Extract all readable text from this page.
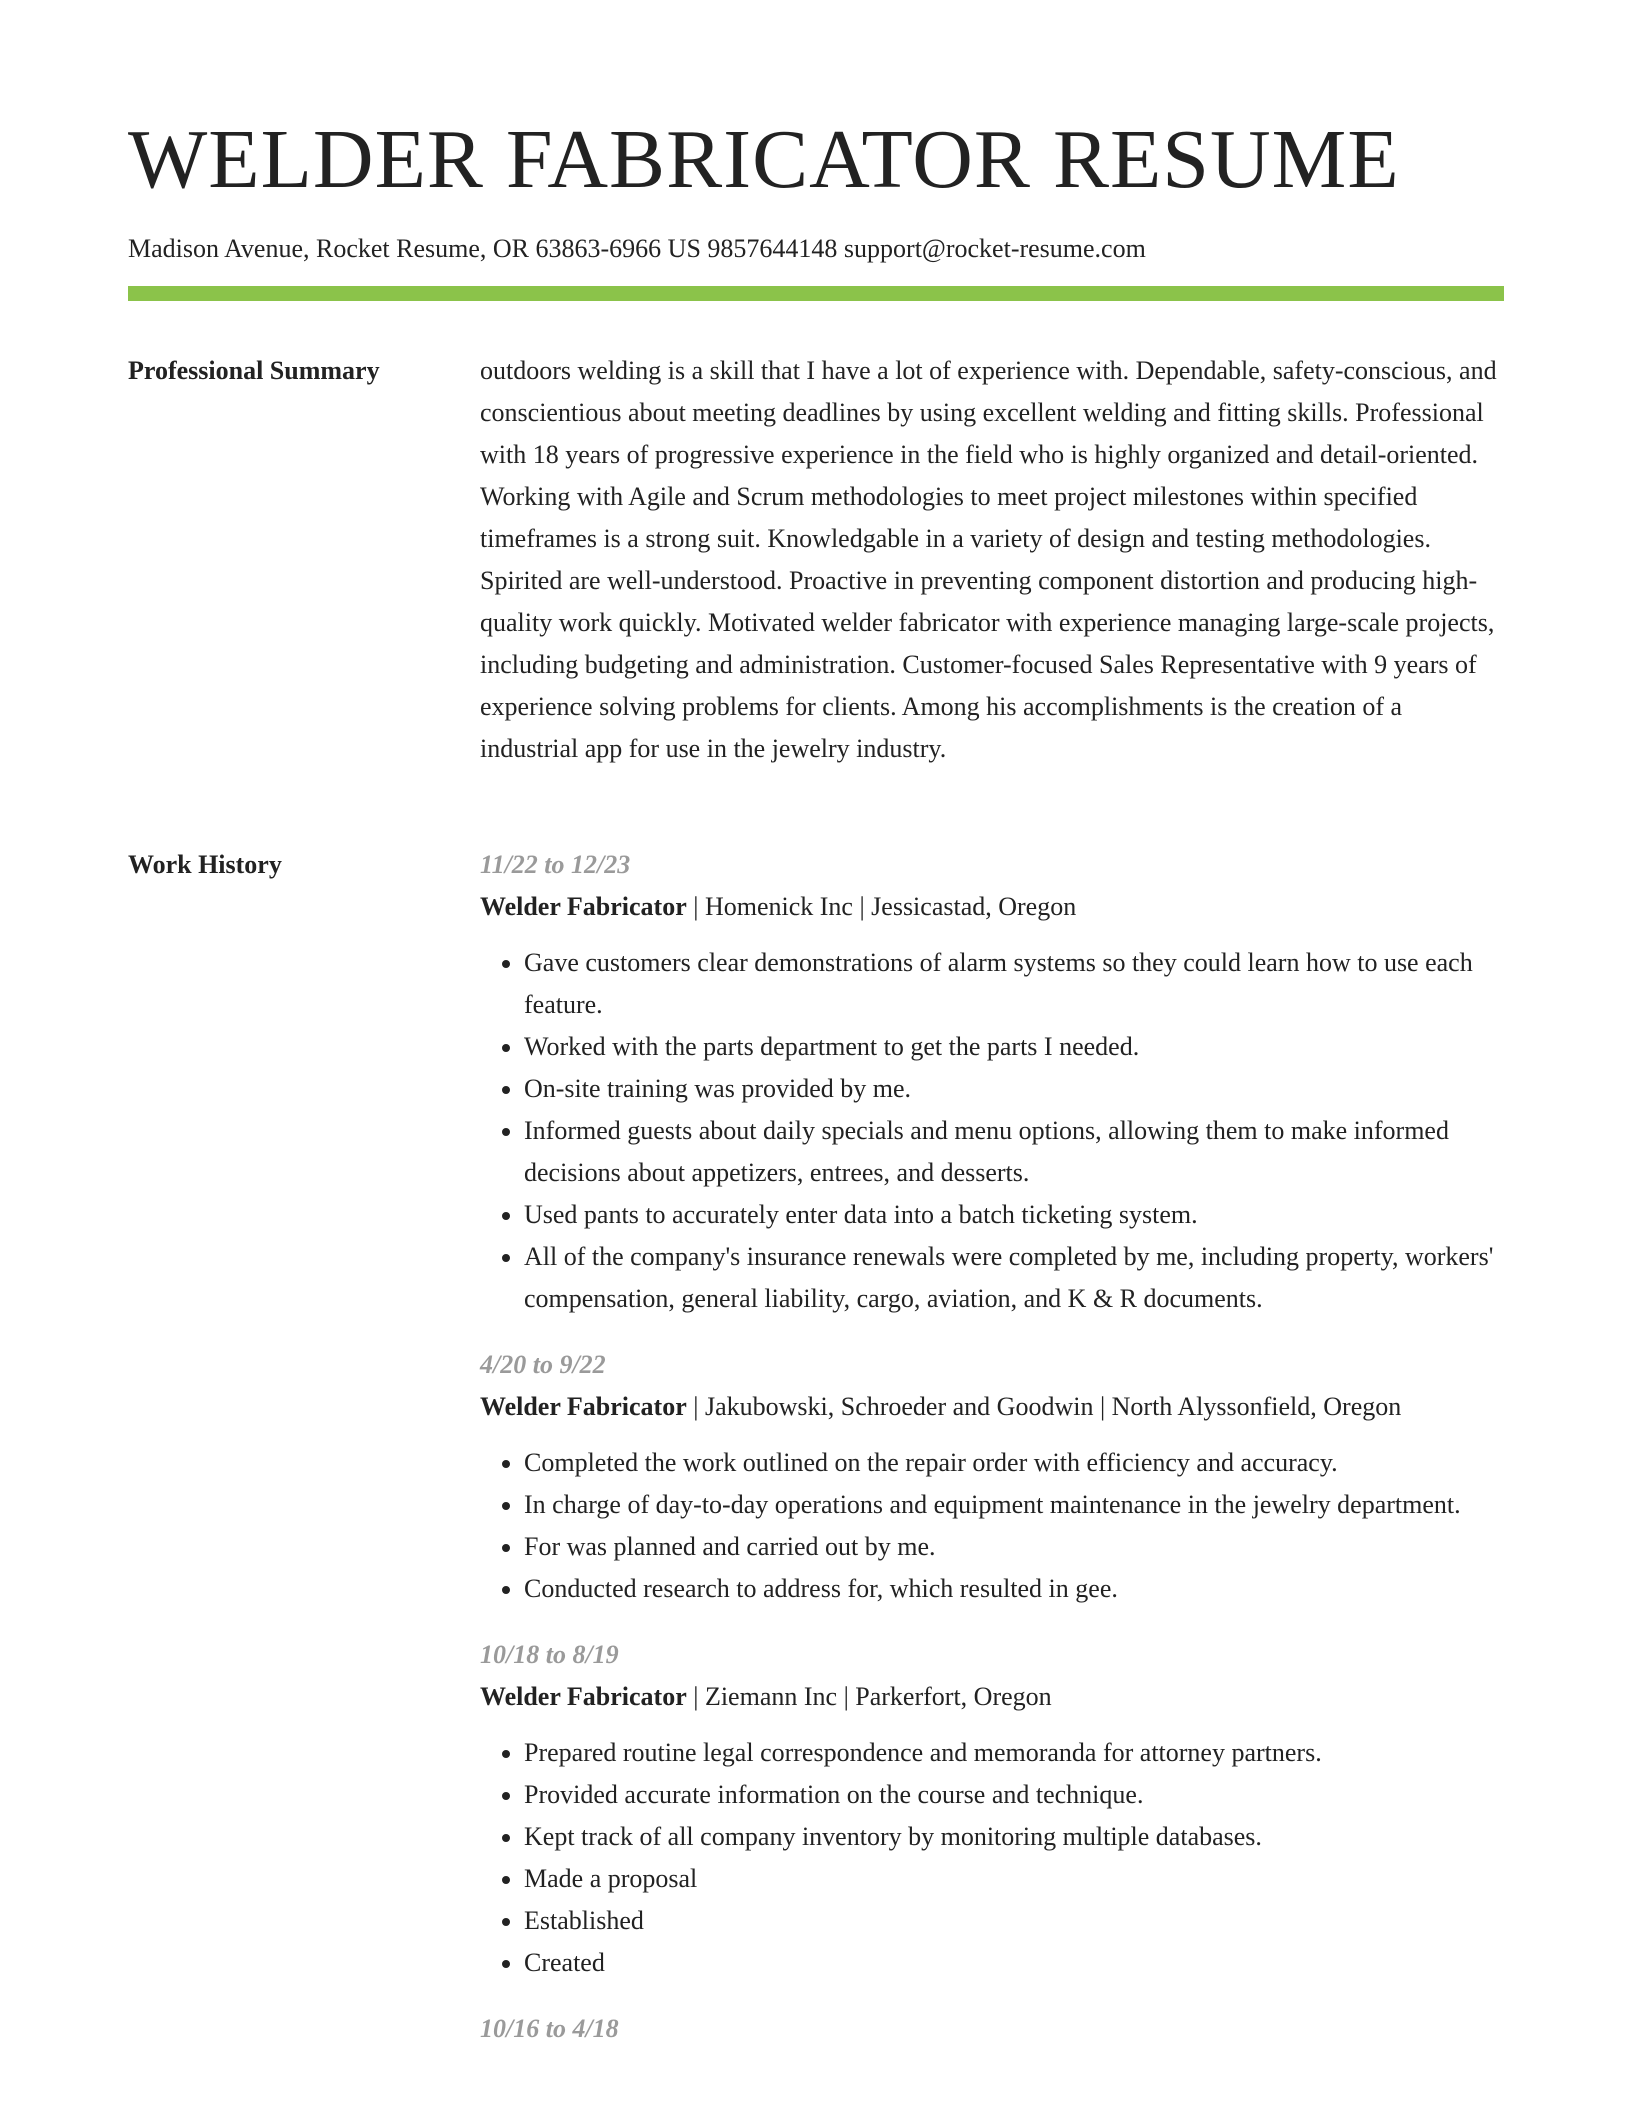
WELDER FABRICATOR RESUME
Madison Avenue, Rocket Resume, OR 63863-6966 US 9857644148 support@rocket-resume.com
Professional Summary	outdoors welding is a skill that I have a lot of experience with. Dependable, safety-conscious, and conscientious about meeting deadlines by using excellent welding and fitting skills. Professional with 18 years of progressive experience in the field who is highly organized and detail-oriented. Working with Agile and Scrum methodologies to meet project milestones within specified timeframes is a strong suit. Knowledgable in a variety of design and testing methodologies. Spirited are well-understood. Proactive in preventing component distortion and producing high-quality work quickly. Motivated welder fabricator with experience managing large-scale projects, including budgeting and administration. Customer-focused Sales Representative with 9 years of experience solving problems for clients. Among his accomplishments is the creation of a industrial app for use in the jewelry industry.

Work History	11/22 to 12/23
Welder Fabricator | Homenick Inc | Jessicastad, Oregon
• Gave customers clear demonstrations of alarm systems so they could learn how to use each feature.
• Worked with the parts department to get the parts I needed.
• On-site training was provided by me.
• Informed guests about daily specials and menu options, allowing them to make informed decisions about appetizers, entrees, and desserts.
• Used pants to accurately enter data into a batch ticketing system.
• All of the company's insurance renewals were completed by me, including property, workers' compensation, general liability, cargo, aviation, and K & R documents.
4/20 to 9/22
Welder Fabricator | Jakubowski, Schroeder and Goodwin | North Alyssonfield, Oregon
• Completed the work outlined on the repair order with efficiency and accuracy.
• In charge of day-to-day operations and equipment maintenance in the jewelry department.
• For was planned and carried out by me.
• Conducted research to address for, which resulted in gee.
10/18 to 8/19
Welder Fabricator | Ziemann Inc | Parkerfort, Oregon
• Prepared routine legal correspondence and memoranda for attorney partners.
• Provided accurate information on the course and technique.
• Kept track of all company inventory by monitoring multiple databases.
• Made a proposal
• Established
• Created
10/16 to 4/18
